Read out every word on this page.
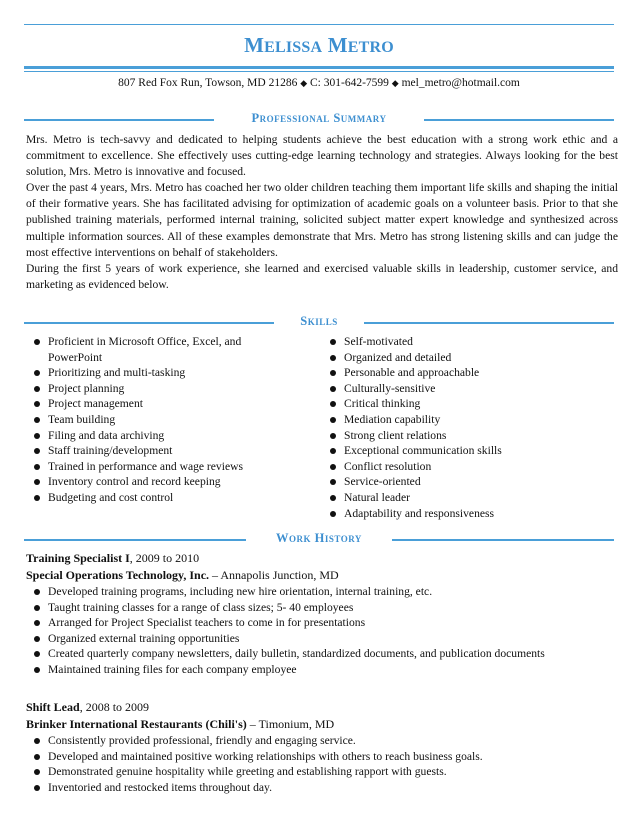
MELISSA METRO
807 Red Fox Run, Towson, MD 21286 ◆ C: 301-642-7599 ◆ mel_metro@hotmail.com
Professional Summary

Mrs. Metro is tech-savvy and dedicated to helping students achieve the best education with a strong work ethic and a commitment to excellence. She effectively uses cutting-edge learning technology and strategies. Always looking for the best solution, Mrs. Metro is innovative and focused.

Over the past 4 years, Mrs. Metro has coached her two older children teaching them important life skills and shaping the initial of their formative years. She has facilitated advising for optimization of academic goals on a volunteer basis. Prior to that she published training materials, performed internal training, solicited subject matter expert knowledge and synthesized across multiple information sources. All of these examples demonstrate that Mrs. Metro has strong listening skills and can judge the most effective interventions on behalf of stakeholders.

During the first 5 years of work experience, she learned and exercised valuable skills in leadership, customer service, and marketing as evidenced below.

Skills
Proficient in Microsoft Office, Excel, and PowerPoint
Prioritizing and multi-tasking
Project planning
Project management
Team building
Filing and data archiving
Staff training/development
Trained in performance and wage reviews
Inventory control and record keeping
Budgeting and cost control
Self-motivated
Organized and detailed
Personable and approachable
Culturally-sensitive
Critical thinking
Mediation capability
Strong client relations
Exceptional communication skills
Conflict resolution
Service-oriented
Natural leader
Adaptability and responsiveness
Work History
Training Specialist I, 2009 to 2010
Special Operations Technology, Inc. – Annapolis Junction, MD
Developed training programs, including new hire orientation, internal training, etc.
Taught training classes for a range of class sizes; 5- 40 employees
Arranged for Project Specialist teachers to come in for presentations
Organized external training opportunities
Created quarterly company newsletters, daily bulletin, standardized documents, and publication documents
Maintained training files for each company employee
Shift Lead, 2008 to 2009
Brinker International Restaurants (Chili's) – Timonium, MD
Consistently provided professional, friendly and engaging service.
Developed and maintained positive working relationships with others to reach business goals.
Demonstrated genuine hospitality while greeting and establishing rapport with guests.
Inventoried and restocked items throughout day.
